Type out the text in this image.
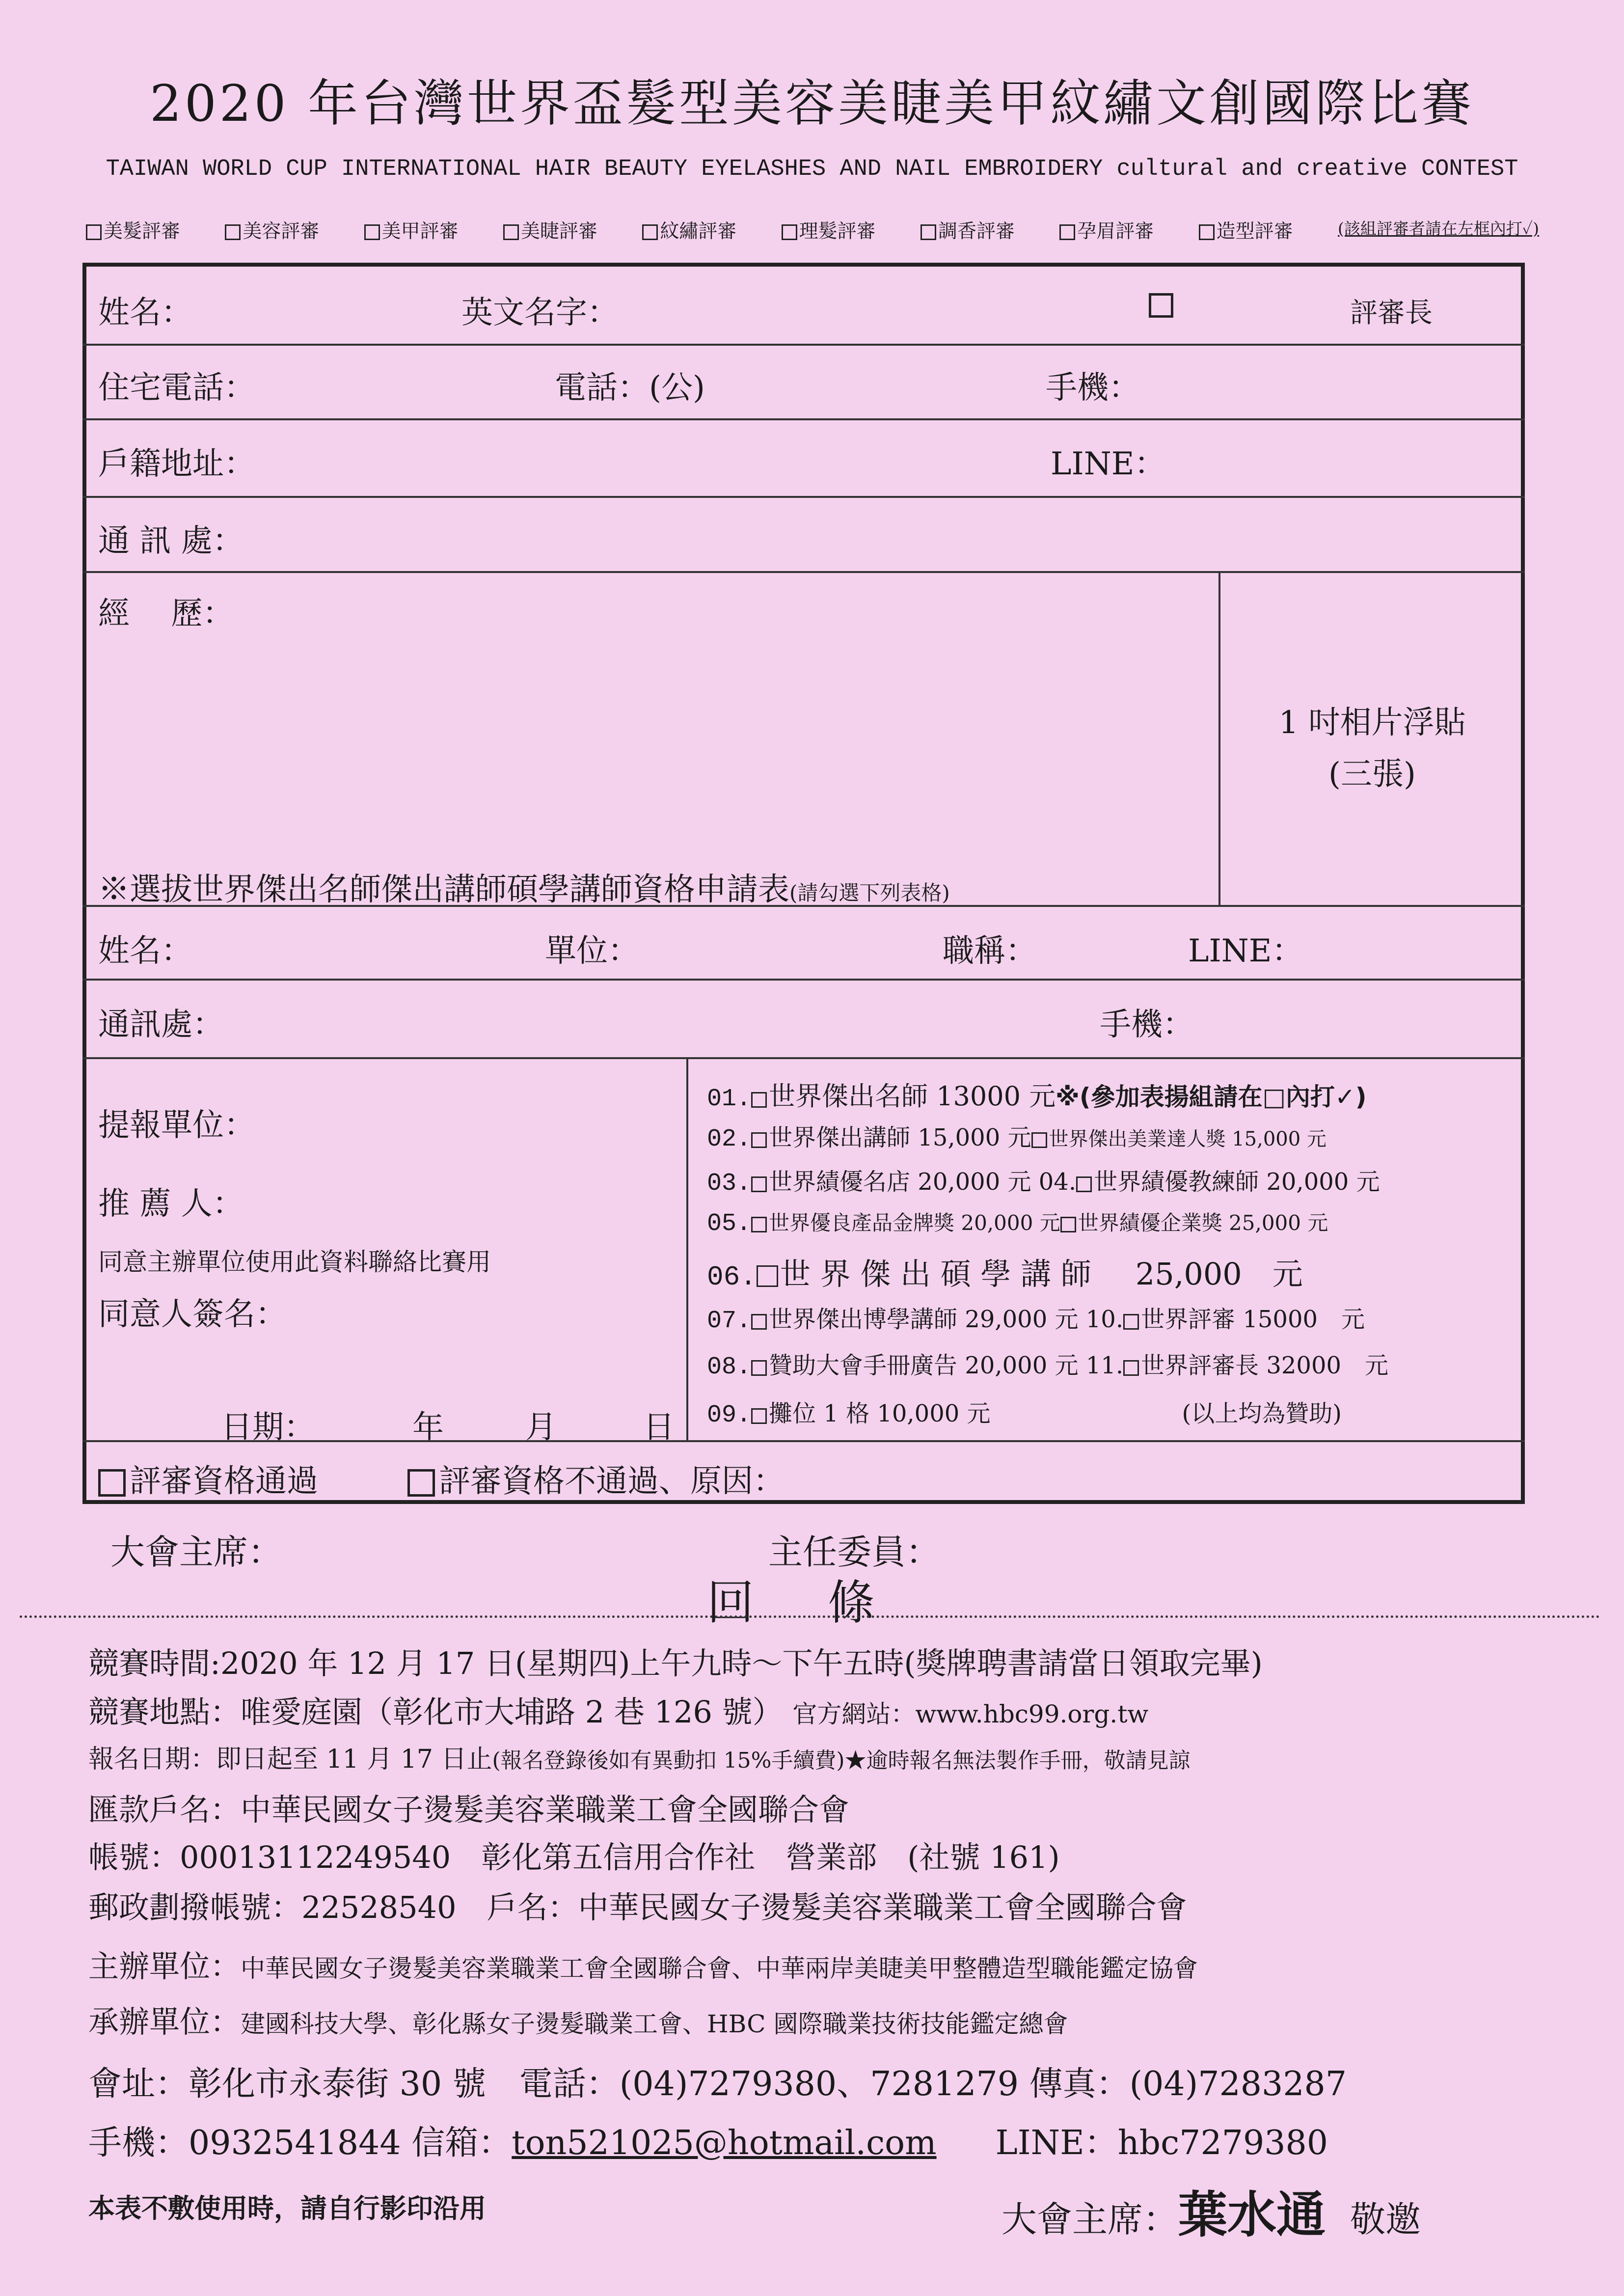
2020 年台灣世界盃髮型美容美睫美甲紋繡文創國際比賽
TAIWAN WORLD CUP INTERNATIONAL HAIR BEAUTY EYELASHES AND NAIL EMBROIDERY cultural and creative CONTEST
美髮評審	美容評審	美甲評審	美睫評審	紋繡評審	理髮評審	調香評審	孕眉評審	造型評審	(該組評審者請在左框內打✓)
姓名：	英文名字：	評審長
住宅電話：	電話：(公)	手機：
戶籍地址：	LINE：
通 訊 處：
經　 歷：
1 吋相片浮貼
(三張)
※選拔世界傑出名師傑出講師碩學講師資格申請表(請勾選下列表格)
姓名：	單位：	職稱：	LINE：
通訊處：	手機：
提報單位：
推 薦 人：
同意主辦單位使用此資料聯絡比賽用
同意人簽名：
日期：	年	月	日
01. 世界傑出名師 13000 元※(參加表揚組請在□內打✓)
02. 世界傑出講師 15,000 元 世界傑出美業達人獎 15,000 元
03. 世界績優名店 20,000 元 04. 世界績優教練師 20,000 元
05. 世界優良產品金牌獎 20,000 元 世界績優企業獎 25,000 元
06. 世 界 傑 出 碩 學 講 師 25,000　元
07. 世界傑出博學講師 29,000 元 10. 世界評審 15000　元
08. 贊助大會手冊廣告 20,000 元 11. 世界評審長 32000　元
09. 攤位 1 格 10,000 元	(以上均為贊助)
評審資格通過	評審資格不通過、原因：
大會主席：	主任委員：
回條
競賽時間:2020 年 12 月 17 日(星期四)上午九時～下午五時(獎牌聘書請當日領取完畢)
競賽地點：唯愛庭園（彰化市大埔路 2 巷 126 號） 官方網站：www.hbc99.org.tw
報名日期：即日起至 11 月 17 日止(報名登錄後如有異動扣 15%手續費)★逾時報名無法製作手冊，敬請見諒
匯款戶名：中華民國女子燙髮美容業職業工會全國聯合會
帳號：00013112249540　彰化第五信用合作社　營業部　(社號 161)
郵政劃撥帳號：22528540　戶名：中華民國女子燙髮美容業職業工會全國聯合會
主辦單位：中華民國女子燙髮美容業職業工會全國聯合會、中華兩岸美睫美甲整體造型職能鑑定協會
承辦單位：建國科技大學、彰化縣女子燙髮職業工會、HBC 國際職業技術技能鑑定總會
會址：彰化市永泰街 30 號　電話：(04)7279380、7281279 傳真：(04)7283287
手機：0932541844 信箱：ton521025@hotmail.com LINE：hbc7279380
本表不敷使用時，請自行影印沿用	大會主席：葉水通 敬邀
